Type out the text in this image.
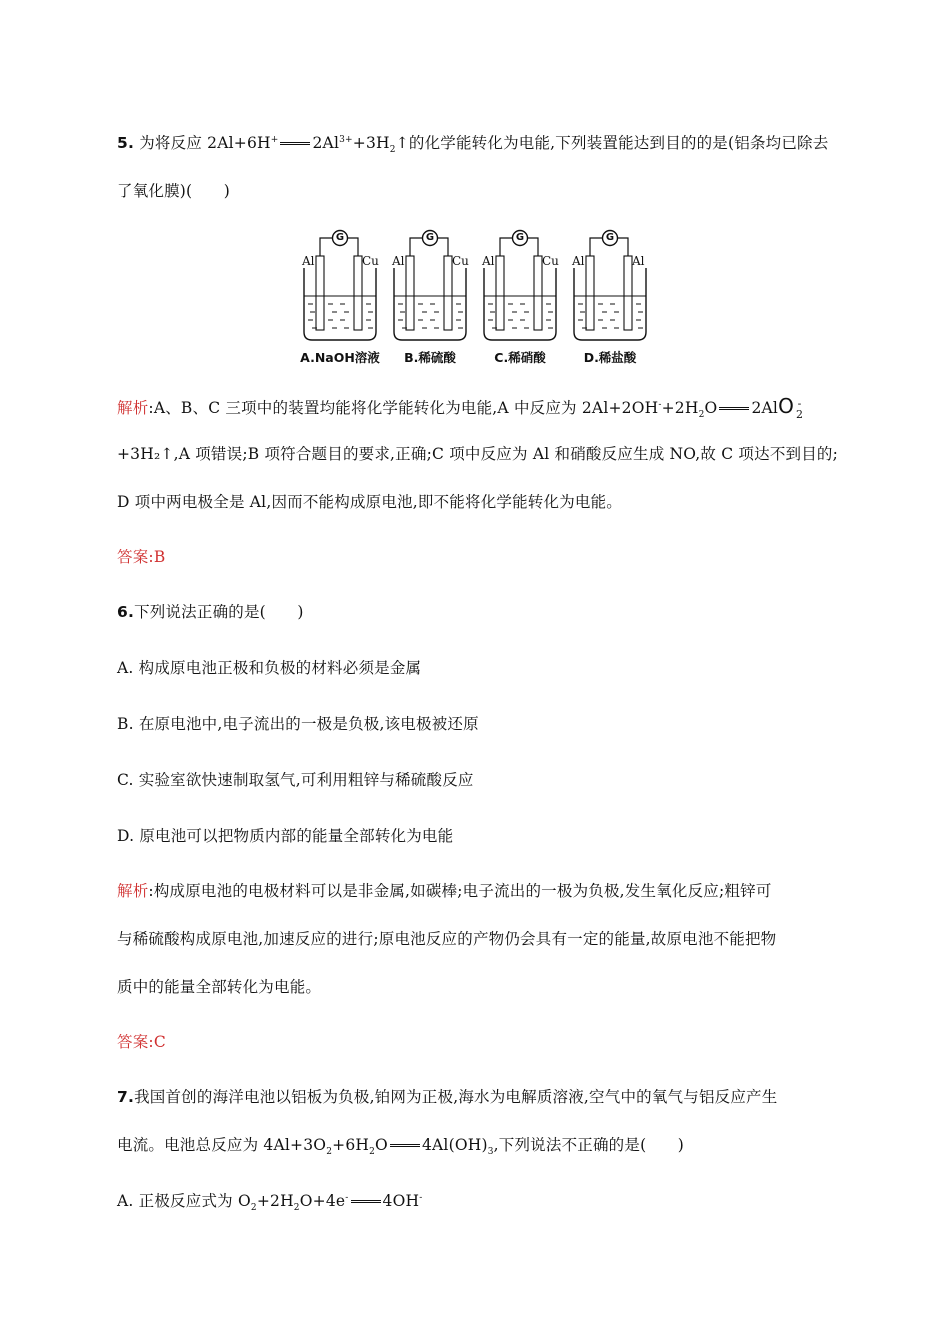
5. 为将反应 2Al+6H+ $2Al^{3+}+3H_2↑$的化学能转化为电能,下列装置能达到目的的是(铝条均已除去
了氧化膜)(　　)
G
Al	Cu
A.NaOH溶液
G
Al	Cu
B.稀硫酸
G
Al	Cu
C.稀硝酸
G
Al	Al
D.稀盐酸
解析:A、B、C 三项中的装置均能将化学能转化为电能,A 中反应为 $2Al+2OH^-+2H_2O$ 2AlO -
2
+3H₂↑,A 项错误;B 项符合题目的要求,正确;C 项中反应为 Al 和硝酸反应生成 NO,故 C 项达不到目的;
D 项中两电极全是 Al,因而不能构成原电池,即不能将化学能转化为电能。
答案:B
6.下列说法正确的是(　　)
A. 构成原电池正极和负极的材料必须是金属
B. 在原电池中,电子流出的一极是负极,该电极被还原
C. 实验室欲快速制取氢气,可利用粗锌与稀硫酸反应
D. 原电池可以把物质内部的能量全部转化为电能
解析:构成原电池的电极材料可以是非金属,如碳棒;电子流出的一极为负极,发生氧化反应;粗锌可
与稀硫酸构成原电池,加速反应的进行;原电池反应的产物仍会具有一定的能量,故原电池不能把物
质中的能量全部转化为电能。
答案:C
7.我国首创的海洋电池以铝板为负极,铂网为正极,海水为电解质溶液,空气中的氧气与铝反应产生
电流。电池总反应为 $4Al+3O_2+6H_2O$ $4Al(OH)_3$,下列说法不正确的是(　　)
A. 正极反应式为 $O_2+2H_2O+4e^-$ 4OH-
